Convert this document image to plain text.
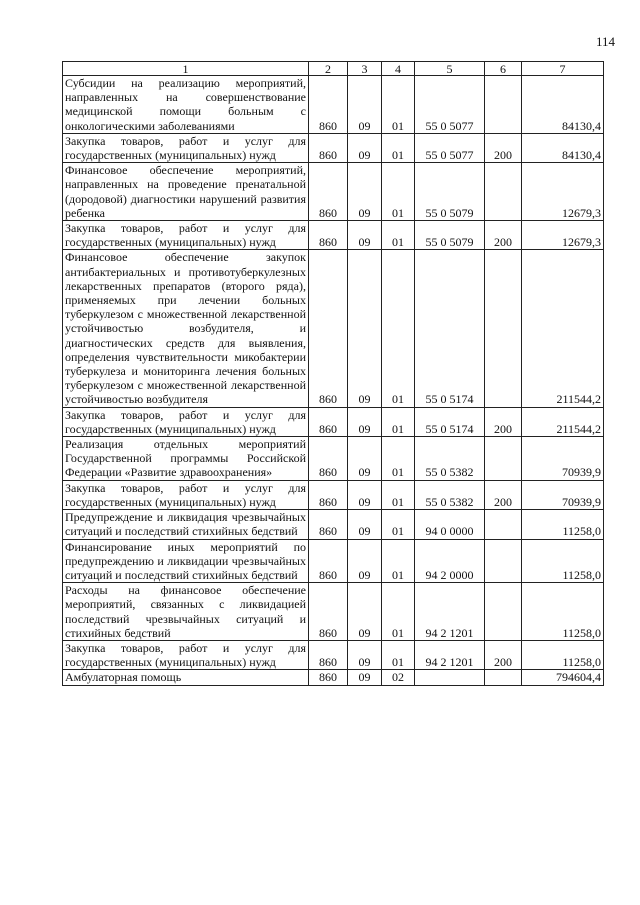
114
1	2	3	4	5	6	7
Субсидии на реализацию мероприятий, направленных на совершенствование медицинской помощи больным с онкологическими заболеваниями	860	09	01	55 0 5077		84130,4
Закупка товаров, работ и услуг для государственных (муниципальных) нужд	860	09	01	55 0 5077	200	84130,4
Финансовое обеспечение мероприятий, направленных на проведение пренатальной (дородовой) диагностики нарушений развития ребенка	860	09	01	55 0 5079		12679,3
Закупка товаров, работ и услуг для государственных (муниципальных) нужд	860	09	01	55 0 5079	200	12679,3
Финансовое обеспечение закупок антибактериальных и противотуберкулезных лекарственных препаратов (второго ряда), применяемых при лечении больных туберкулезом с множественной лекарственной устойчивостью возбудителя, и диагностических средств для выявления, определения чувствительности микобактерии туберкулеза и мониторинга лечения больных туберкулезом с множественной лекарственной устойчивостью возбудителя	860	09	01	55 0 5174		211544,2
Закупка товаров, работ и услуг для государственных (муниципальных) нужд	860	09	01	55 0 5174	200	211544,2
Реализация отдельных мероприятий Государственной программы Российской Федерации «Развитие здравоохранения»	860	09	01	55 0 5382		70939,9
Закупка товаров, работ и услуг для государственных (муниципальных) нужд	860	09	01	55 0 5382	200	70939,9
Предупреждение и ликвидация чрезвычайных ситуаций и последствий стихийных бедствий	860	09	01	94 0 0000		11258,0
Финансирование иных мероприятий по предупреждению и ликвидации чрезвычайных ситуаций и последствий стихийных бедствий	860	09	01	94 2 0000		11258,0
Расходы на финансовое обеспечение мероприятий, связанных с ликвидацией последствий чрезвычайных ситуаций и стихийных бедствий	860	09	01	94 2 1201		11258,0
Закупка товаров, работ и услуг для государственных (муниципальных) нужд	860	09	01	94 2 1201	200	11258,0
Амбулаторная помощь	860	09	02			794604,4
